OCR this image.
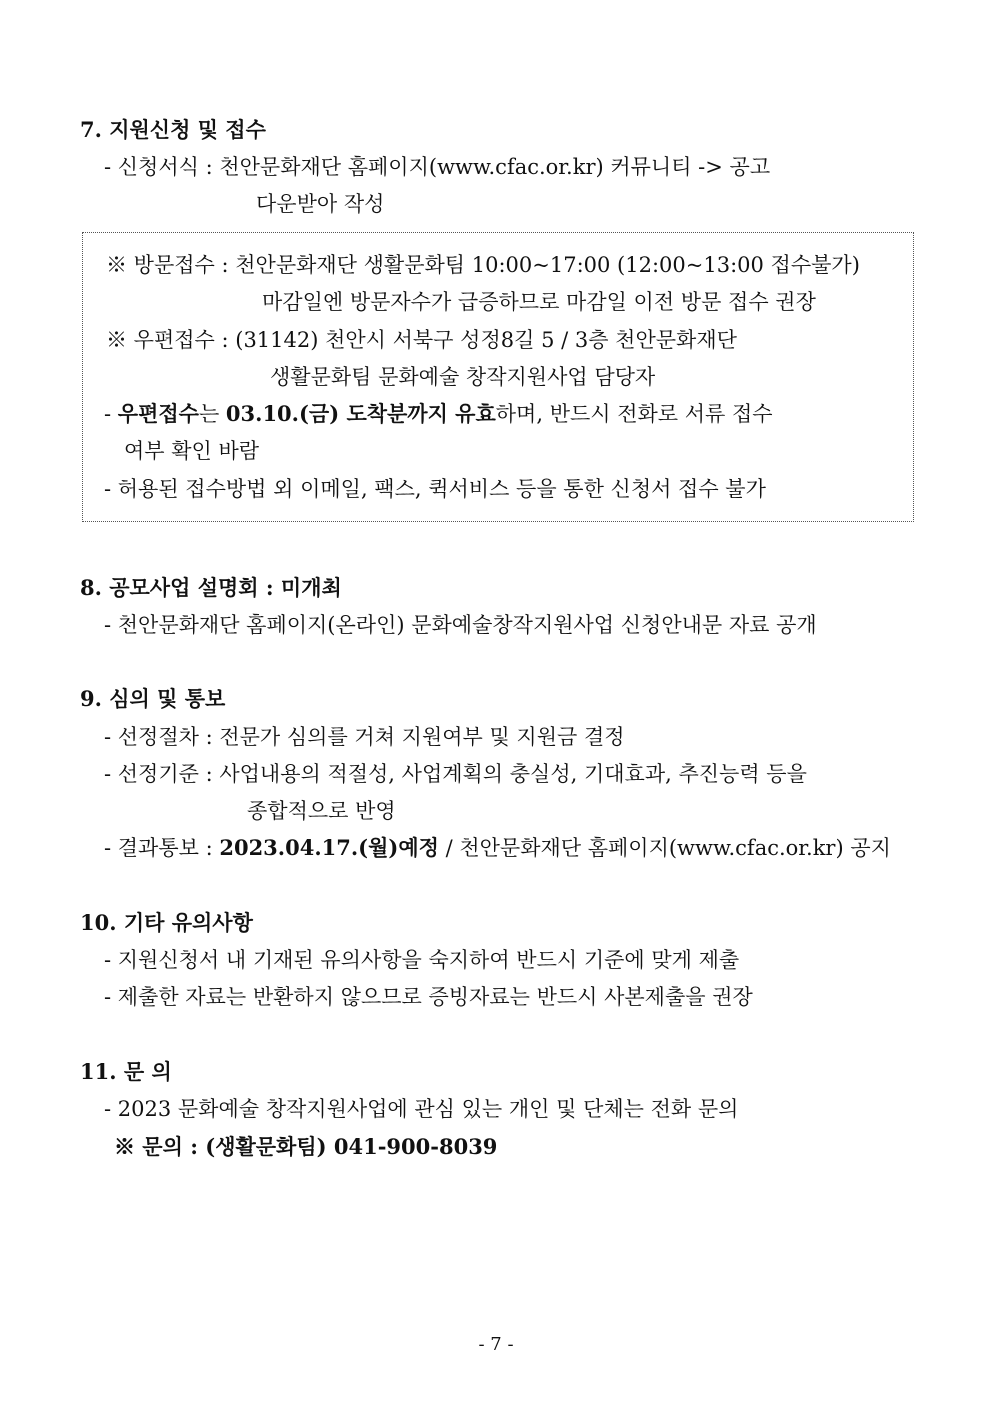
7. 지원신청 및 접수
- 신청서식 : 천안문화재단 홈페이지(www.cfac.or.kr) 커뮤니티 -> 공고
다운받아 작성
※ 방문접수 : 천안문화재단 생활문화팀 10:00~17:00 (12:00~13:00 접수불가)
마감일엔 방문자수가 급증하므로 마감일 이전 방문 접수 권장
※ 우편접수 : (31142) 천안시 서북구 성정8길 5 / 3층 천안문화재단
생활문화팀 문화예술 창작지원사업 담당자
- 우편접수는 03.10.(금) 도착분까지 유효하며, 반드시 전화로 서류 접수
여부 확인 바람
- 허용된 접수방법 외 이메일, 팩스, 퀵서비스 등을 통한 신청서 접수 불가
8. 공모사업 설명회 : 미개최
- 천안문화재단 홈페이지(온라인) 문화예술창작지원사업 신청안내문 자료 공개
9. 심의 및 통보
- 선정절차 : 전문가 심의를 거쳐 지원여부 및 지원금 결정
- 선정기준 : 사업내용의 적절성, 사업계획의 충실성, 기대효과, 추진능력 등을
종합적으로 반영
- 결과통보 : 2023.04.17.(월)예정 / 천안문화재단 홈페이지(www.cfac.or.kr) 공지
10. 기타 유의사항
- 지원신청서 내 기재된 유의사항을 숙지하여 반드시 기준에 맞게 제출
- 제출한 자료는 반환하지 않으므로 증빙자료는 반드시 사본제출을 권장
11. 문 의
- 2023 문화예술 창작지원사업에 관심 있는 개인 및 단체는 전화 문의
※ 문의 : (생활문화팀) 041-900-8039
- 7 -
